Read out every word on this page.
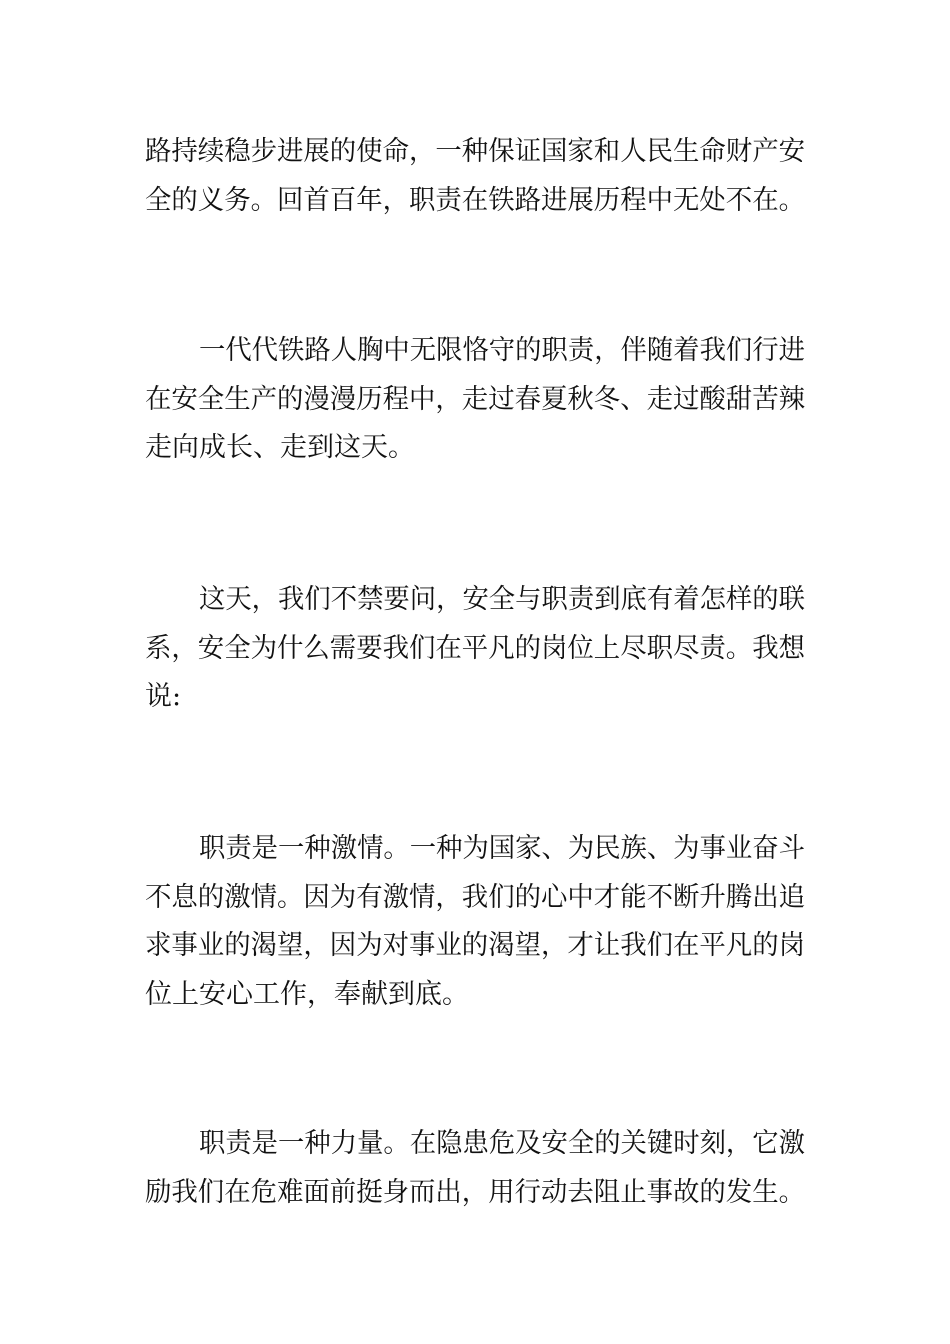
路持续稳步进展的使命，一种保证国家和人民生命财产安
全的义务。回首百年，职责在铁路进展历程中无处不在。

一代代铁路人胸中无限恪守的职责，伴随着我们行进
在安全生产的漫漫历程中，走过春夏秋冬、走过酸甜苦辣
走向成长、走到这天。

这天，我们不禁要问，安全与职责到底有着怎样的联
系，安全为什么需要我们在平凡的岗位上尽职尽责。我想
说:

职责是一种激情。一种为国家、为民族、为事业奋斗
不息的激情。因为有激情，我们的心中才能不断升腾出追
求事业的渴望，因为对事业的渴望，才让我们在平凡的岗
位上安心工作，奉献到底。

职责是一种力量。在隐患危及安全的关键时刻，它激
励我们在危难面前挺身而出，用行动去阻止事故的发生。
